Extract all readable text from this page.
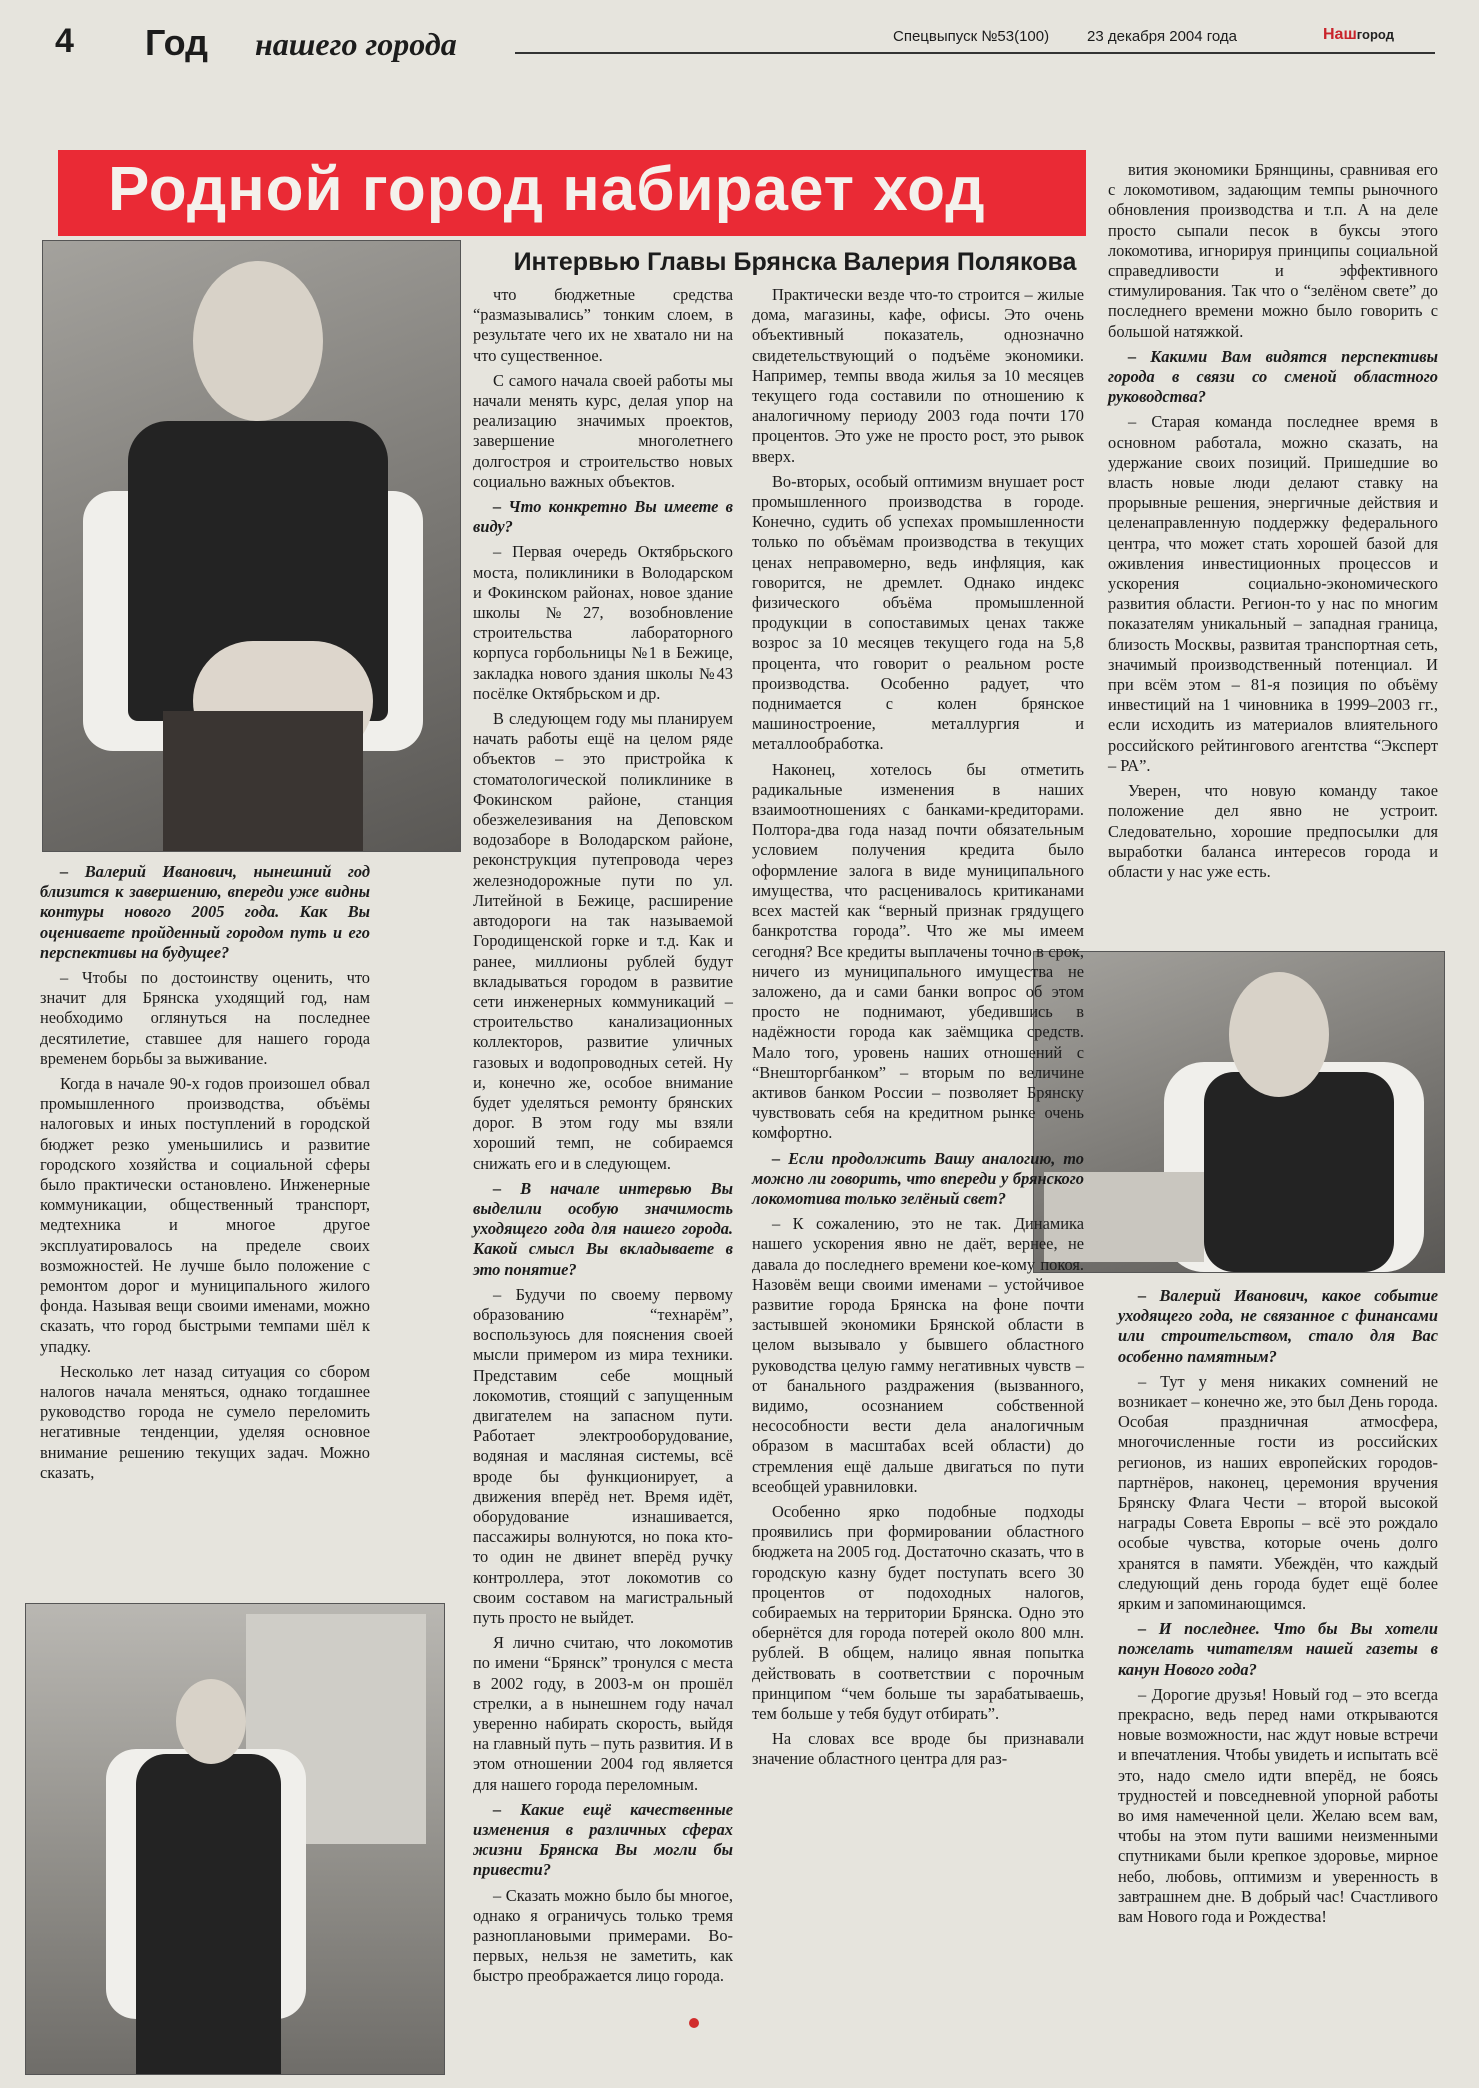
4 Год нашего города	Спецвыпуск №53(100)	23 декабря 2004 года	Нашгород
Родной город набирает ход
Интервью Главы Брянска Валерия Полякова

– Валерий Иванович, нынешний год близится к завершению, впереди уже видны контуры нового 2005 года. Как Вы оцениваете пройденный городом путь и его перспективы на будущее?

– Чтобы по достоинству оценить, что значит для Брянска уходящий год, нам необходимо оглянуться на последнее десятилетие, ставшее для нашего города временем борьбы за выживание.

Когда в начале 90-х годов произошел обвал промышленного производства, объёмы налоговых и иных поступлений в городской бюджет резко уменьшились и развитие городского хозяйства и социальной сферы было практически остановлено. Инженерные коммуникации, общественный транспорт, медтехника и многое другое эксплуатировалось на пределе своих возможностей. Не лучше было положение с ремонтом дорог и муниципального жилого фонда. Называя вещи своими именами, можно сказать, что город быстрыми темпами шёл к упадку.

Несколько лет назад ситуация со сбором налогов начала меняться, однако тогдашнее руководство города не сумело переломить негативные тенденции, уделяя основное внимание решению текущих задач. Можно сказать,

что бюджетные средства “размазывались” тонким слоем, в результате чего их не хватало ни на что существенное.

С самого начала своей работы мы начали менять курс, делая упор на реализацию значимых проектов, завершение многолетнего долгостроя и строительство новых социально важных объектов.

– Что конкретно Вы имеете в виду?

– Первая очередь Октябрьского моста, поликлиники в Володарском и Фокинском районах, новое здание школы №27, возобновление строительства лабораторного корпуса горбольницы №1 в Бежице, закладка нового здания школы №43 посёлке Октябрьском и др.

В следующем году мы планируем начать работы ещё на целом ряде объектов – это пристройка к стоматологической поликлинике в Фокинском районе, станция обезжелезивания на Деповском водозаборе в Володарском районе, реконструкция путепровода через железнодорожные пути по ул. Литейной в Бежице, расширение автодороги на так называемой Городищенской горке и т.д. Как и ранее, миллионы рублей будут вкладываться городом в развитие сети инженерных коммуникаций – строительство канализационных коллекторов, развитие уличных газовых и водопроводных сетей. Ну и, конечно же, особое внимание будет уделяться ремонту брянских дорог. В этом году мы взяли хороший темп, не собираемся снижать его и в следующем.

– В начале интервью Вы выделили особую значимость уходящего года для нашего города. Какой смысл Вы вкладываете в это понятие?

– Будучи по своему первому образованию “технарём”, воспользуюсь для пояснения своей мысли примером из мира техники. Представим себе мощный локомотив, стоящий с запущенным двигателем на запасном пути. Работает электрооборудование, водяная и масляная системы, всё вроде бы функционирует, а движения вперёд нет. Время идёт, оборудование изнашивается, пассажиры волнуются, но пока кто-то один не двинет вперёд ручку контроллера, этот локомотив со своим составом на магистральный путь просто не выйдет.

Я лично считаю, что локомотив по имени “Брянск” тронулся с места в 2002 году, в 2003-м он прошёл стрелки, а в нынешнем году начал уверенно набирать скорость, выйдя на главный путь – путь развития. И в этом отношении 2004 год является для нашего города переломным.

– Какие ещё качественные изменения в различных сферах жизни Брянска Вы могли бы привести?

– Сказать можно было бы многое, однако я ограничусь только тремя разноплановыми примерами. Во-первых, нельзя не заметить, как быстро преображается лицо города.

Практически везде что-то строится – жилые дома, магазины, кафе, офисы. Это очень объективный показатель, однозначно свидетельствующий о подъёме экономики. Например, темпы ввода жилья за 10 месяцев текущего года составили по отношению к аналогичному периоду 2003 года почти 170 процентов. Это уже не просто рост, это рывок вверх.

Во-вторых, особый оптимизм внушает рост промышленного производства в городе. Конечно, судить об успехах промышленности только по объёмам производства в текущих ценах неправомерно, ведь инфляция, как говорится, не дремлет. Однако индекс физического объёма промышленной продукции в сопоставимых ценах также возрос за 10 месяцев текущего года на 5,8 процента, что говорит о реальном росте производства. Особенно радует, что поднимается с колен брянское машиностроение, металлургия и металлообработка.

Наконец, хотелось бы отметить радикальные изменения в наших взаимоотношениях с банками-кредиторами. Полтора-два года назад почти обязательным условием получения кредита было оформление залога в виде муниципального имущества, что расценивалось критиканами всех мастей как “верный признак грядущего банкротства города”. Что же мы имеем сегодня? Все кредиты выплачены точно в срок, ничего из муниципального имущества не заложено, да и сами банки вопрос об этом просто не поднимают, убедившись в надёжности города как заёмщика средств. Мало того, уровень наших отношений с “Внешторгбанком” – вторым по величине активов банком России – позволяет Брянску чувствовать себя на кредитном рынке очень комфортно.

– Если продолжить Вашу аналогию, то можно ли говорить, что впереди у брянского локомотива только зелёный свет?

– К сожалению, это не так. Динамика нашего ускорения явно не даёт, вернее, не давала до последнего времени кое-кому покоя. Назовём вещи своими именами – устойчивое развитие города Брянска на фоне почти застывшей экономики Брянской области в целом вызывало у бывшего областного руководства целую гамму негативных чувств – от банального раздражения (вызванного, видимо, осознанием собственной несособности вести дела аналогичным образом в масштабах всей области) до стремления ещё дальше двигаться по пути всеобщей уравниловки.

Особенно ярко подобные подходы проявились при формировании областного бюджета на 2005 год. Достаточно сказать, что в городскую казну будет поступать всего 30 процентов от подоходных налогов, собираемых на территории Брянска. Одно это обернётся для города потерей около 800 млн. рублей. В общем, налицо явная попытка действовать в соответствии с порочным принципом “чем больше ты зарабатываешь, тем больше у тебя будут отбирать”.

На словах все вроде бы признавали значение областного центра для раз-

вития экономики Брянщины, сравнивая его с локомотивом, задающим темпы рыночного обновления производства и т.п. А на деле просто сыпали песок в буксы этого локомотива, игнорируя принципы социальной справедливости и эффективного стимулирования. Так что о “зелёном свете” до последнего времени можно было говорить с большой натяжкой.

– Какими Вам видятся перспективы города в связи со сменой областного руководства?

– Старая команда последнее время в основном работала, можно сказать, на удержание своих позиций. Пришедшие во власть новые люди делают ставку на прорывные решения, энергичные действия и целенаправленную поддержку федерального центра, что может стать хорошей базой для оживления инвестиционных процессов и ускорения социально-экономического развития области. Регион-то у нас по многим показателям уникальный – западная граница, близость Москвы, развитая транспортная сеть, значимый производственный потенциал. И при всём этом – 81-я позиция по объёму инвестиций на 1 чиновника в 1999–2003 гг., если исходить из материалов влиятельного российского рейтингового агентства “Эксперт – РА”.

Уверен, что новую команду такое положение дел явно не устроит. Следовательно, хорошие предпосылки для выработки баланса интересов города и области у нас уже есть.

– Валерий Иванович, какое событие уходящего года, не связанное с финансами или строительством, стало для Вас особенно памятным?

– Тут у меня никаких сомнений не возникает – конечно же, это был День города. Особая праздничная атмосфера, многочисленные гости из российских регионов, из наших европейских городов-партнёров, наконец, церемония вручения Брянску Флага Чести – второй высокой награды Совета Европы – всё это рождало особые чувства, которые очень долго хранятся в памяти. Убеждён, что каждый следующий день города будет ещё более ярким и запоминающимся.

– И последнее. Что бы Вы хотели пожелать читателям нашей газеты в канун Нового года?

– Дорогие друзья! Новый год – это всегда прекрасно, ведь перед нами открываются новые возможности, нас ждут новые встречи и впечатления. Чтобы увидеть и испытать всё это, надо смело идти вперёд, не боясь трудностей и повседневной упорной работы во имя намеченной цели. Желаю всем вам, чтобы на этом пути вашими неизменными спутниками были крепкое здоровье, мирное небо, любовь, оптимизм и уверенность в завтрашнем дне. В добрый час! Счастливого вам Нового года и Рождества!
